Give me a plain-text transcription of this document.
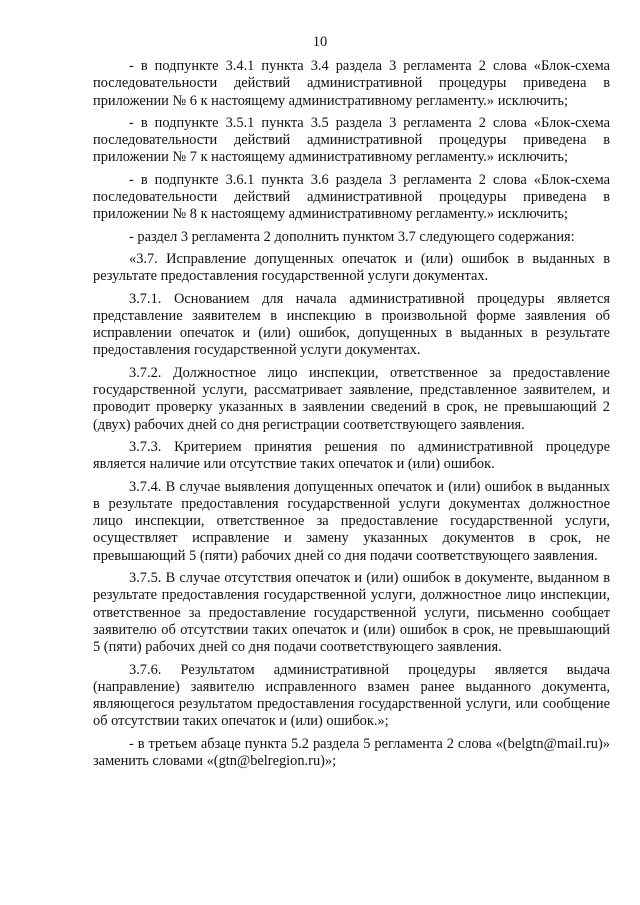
10

- в подпункте 3.4.1 пункта 3.4 раздела 3 регламента 2 слова «Блок-схема последовательности действий административной процедуры приведена в приложении № 6 к настоящему административному регламенту.» исключить;

- в подпункте 3.5.1 пункта 3.5 раздела 3 регламента 2 слова «Блок-схема последовательности действий административной процедуры приведена в приложении № 7 к настоящему административному регламенту.» исключить;

- в подпункте 3.6.1 пункта 3.6 раздела 3 регламента 2 слова «Блок-схема последовательности действий административной процедуры приведена в приложении № 8 к настоящему административному регламенту.» исключить;

- раздел 3 регламента 2 дополнить пунктом 3.7 следующего содержания:

«3.7. Исправление допущенных опечаток и (или) ошибок в выданных в результате предоставления государственной услуги документах.

3.7.1. Основанием для начала административной процедуры является представление заявителем в инспекцию в произвольной форме заявления об исправлении опечаток и (или) ошибок, допущенных в выданных в результате предоставления государственной услуги документах.

3.7.2. Должностное лицо инспекции, ответственное за предоставление государственной услуги, рассматривает заявление, представленное заявителем, и проводит проверку указанных в заявлении сведений в срок, не превышающий 2 (двух) рабочих дней со дня регистрации соответствующего заявления.

3.7.3. Критерием принятия решения по административной процедуре является наличие или отсутствие таких опечаток и (или) ошибок.

3.7.4. В случае выявления допущенных опечаток и (или) ошибок в выданных в результате предоставления государственной услуги документах должностное лицо инспекции, ответственное за предоставление государственной услуги, осуществляет исправление и замену указанных документов в срок, не превышающий 5 (пяти) рабочих дней со дня подачи соответствующего заявления.

3.7.5. В случае отсутствия опечаток и (или) ошибок в документе, выданном в результате предоставления государственной услуги, должностное лицо инспекции, ответственное за предоставление государственной услуги, письменно сообщает заявителю об отсутствии таких опечаток и (или) ошибок в срок, не превышающий 5 (пяти) рабочих дней со дня подачи соответствующего заявления.

3.7.6. Результатом административной процедуры является выдача (направление) заявителю исправленного взамен ранее выданного документа, являющегося результатом предоставления государственной услуги, или сообщение об отсутствии таких опечаток и (или) ошибок.»;

- в третьем абзаце пункта 5.2 раздела 5 регламента 2 слова «(belgtn@mail.ru)» заменить словами «(gtn@belregion.ru)»;
